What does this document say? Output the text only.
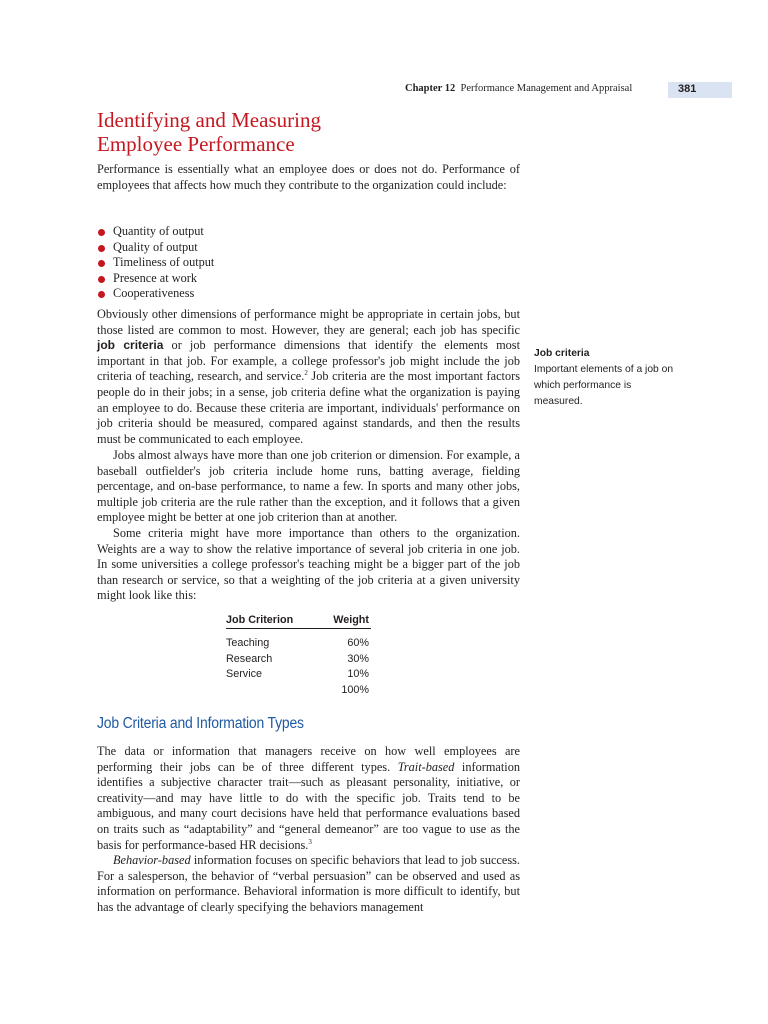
Chapter 12 Performance Management and Appraisal	381
Identifying and Measuring
Employee Performance

Performance is essentially what an employee does or does not do. Performance of employees that affects how much they contribute to the organization could include:

Quantity of output
Quality of output
Timeliness of output
Presence at work
Cooperativeness

Obviously other dimensions of performance might be appropriate in certain jobs, but those listed are common to most. However, they are general; each job has specific job criteria or job performance dimensions that identify the elements most important in that job. For example, a college professor's job might include the job criteria of teaching, research, and service.$^2$ Job criteria are the most important factors people do in their jobs; in a sense, job criteria define what the organization is paying an employee to do. Because these criteria are important, individuals' performance on job criteria should be measured, compared against standards, and then the results must be communicated to each employee.

Jobs almost always have more than one job criterion or dimension. For example, a baseball outfielder's job criteria include home runs, batting average, fielding percentage, and on-base performance, to name a few. In sports and many other jobs, multiple job criteria are the rule rather than the exception, and it follows that a given employee might be better at one job criterion than at another.

Some criteria might have more importance than others to the organization. Weights are a way to show the relative importance of several job criteria in one job. In some universities a college professor's teaching might be a bigger part of the job than research or service, so that a weighting of the job criteria at a given university might look like this:

Job criteria
Important elements of a job on which performance is measured.
Job Criterion	Weight
Teaching	60%
Research	30%
Service	10%
100%
Job Criteria and Information Types

The data or information that managers receive on how well employees are performing their jobs can be of three different types. Trait-based information identifies a subjective character trait—such as pleasant personality, initiative, or creativity—and may have little to do with the specific job. Traits tend to be ambiguous, and many court decisions have held that performance evaluations based on traits such as “adaptability” and “general demeanor” are too vague to use as the basis for performance-based HR decisions.$^3$

Behavior-based information focuses on specific behaviors that lead to job success. For a salesperson, the behavior of “verbal persuasion” can be observed and used as information on performance. Behavioral information is more difficult to identify, but has the advantage of clearly specifying the behaviors management
